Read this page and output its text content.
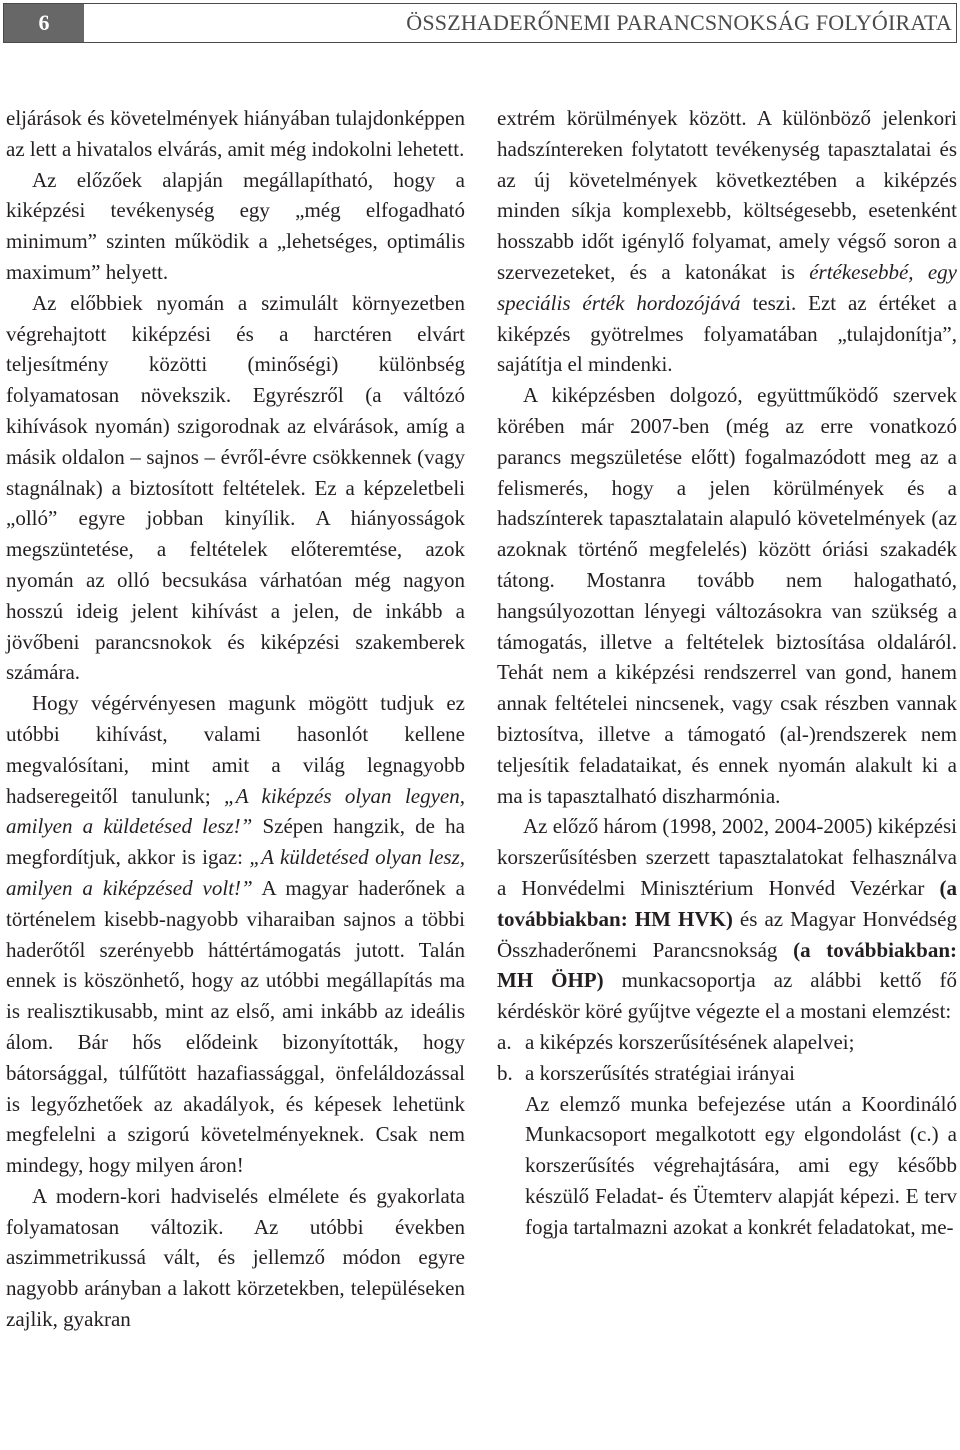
6	ÖSSZHADERŐNEMI PARANCSNOKSÁG FOLYÓIRATA

eljárások és követelmények hiányában tulajdonképpen az lett a hivatalos elvárás, amit még indokolni lehetett.

Az előzőek alapján megállapítható, hogy a kiképzési tevékenység egy „még elfogadható minimum” szinten működik a „lehetséges, optimális maximum” helyett.

Az előbbiek nyomán a szimulált környezetben végrehajtott kiképzési és a harctéren elvárt teljesítmény közötti (minőségi) különbség folyamatosan növekszik. Egyrészről (a váltózó kihívások nyomán) szigorodnak az elvárások, amíg a másik oldalon – sajnos – évről-évre csökkennek (vagy stagnálnak) a biztosított feltételek. Ez a képzeletbeli „olló” egyre jobban kinyílik. A hiányosságok megszüntetése, a feltételek előteremtése, azok nyomán az olló becsukása várhatóan még nagyon hosszú ideig jelent kihívást a jelen, de inkább a jövőbeni parancsnokok és kiképzési szakemberek számára.

Hogy végérvényesen magunk mögött tudjuk ez utóbbi kihívást, valami hasonlót kellene megvalósítani, mint amit a világ legnagyobb hadseregeitől tanulunk; „A kiképzés olyan legyen, amilyen a küldetésed lesz!” Szépen hangzik, de ha megfordítjuk, akkor is igaz: „A küldetésed olyan lesz, amilyen a kiképzésed volt!” A magyar haderőnek a történelem kisebb-nagyobb viharaiban sajnos a többi haderőtől szerényebb háttértámogatás jutott. Talán ennek is köszönhető, hogy az utóbbi megállapítás ma is realisztikusabb, mint az első, ami inkább az ideális álom. Bár hős elődeink bizonyították, hogy bátorsággal, túlfűtött hazafiassággal, önfeláldozással is legyőzhetőek az akadályok, és képesek lehetünk megfelelni a szigorú követelményeknek. Csak nem mindegy, hogy milyen áron!

A modern-kori hadviselés elmélete és gyakorlata folyamatosan változik. Az utóbbi években aszimmetrikussá vált, és jellemző módon egyre nagyobb arányban a lakott körzetekben, településeken zajlik, gyakran

extrém körülmények között. A különböző jelenkori hadszíntereken folytatott tevékenység tapasztalatai és az új követelmények következtében a kiképzés minden síkja komplexebb, költségesebb, esetenként hosszabb időt igénylő folyamat, amely végső soron a szervezeteket, és a katonákat is értékesebbé, egy speciális érték hordozójává teszi. Ezt az értéket a kiképzés gyötrelmes folyamatában „tulajdonítja”, sajátítja el mindenki.

A kiképzésben dolgozó, együttműködő szervek körében már 2007-ben (még az erre vonatkozó parancs megszületése előtt) fogalmazódott meg az a felismerés, hogy a jelen körülmények és a hadszínterek tapasztalatain alapuló követelmények (az azoknak történő megfelelés) között óriási szakadék tátong. Mostanra tovább nem halogatható, hangsúlyozottan lényegi változásokra van szükség a támogatás, illetve a feltételek biztosítása oldaláról. Tehát nem a kiképzési rendszerrel van gond, hanem annak feltételei nincsenek, vagy csak részben vannak biztosítva, illetve a támogató (al-)rendszerek nem teljesítik feladataikat, és ennek nyomán alakult ki a ma is tapasztalható diszharmónia.

Az előző három (1998, 2002, 2004-2005) kiképzési korszerűsítésben szerzett tapasztalatokat felhasználva a Honvédelmi Minisztérium Honvéd Vezérkar (a továbbiakban: HM HVK) és az Magyar Honvédség Összhaderőnemi Parancsnokság (a továbbiakban: MH ÖHP) munkacsoportja az alábbi kettő fő kérdéskör köré gyűjtve végezte el a mostani elemzést:

a. a kiképzés korszerűsítésének alapelvei;
b. a korszerűsítés stratégiai irányai

Az elemző munka befejezése után a Koordináló Munkacsoport megalkotott egy elgondolást (c.) a korszerűsítés végrehajtására, ami egy később készülő Feladat- és Ütemterv alapját képezi. E terv fogja tartalmazni azokat a konkrét feladatokat, me-
